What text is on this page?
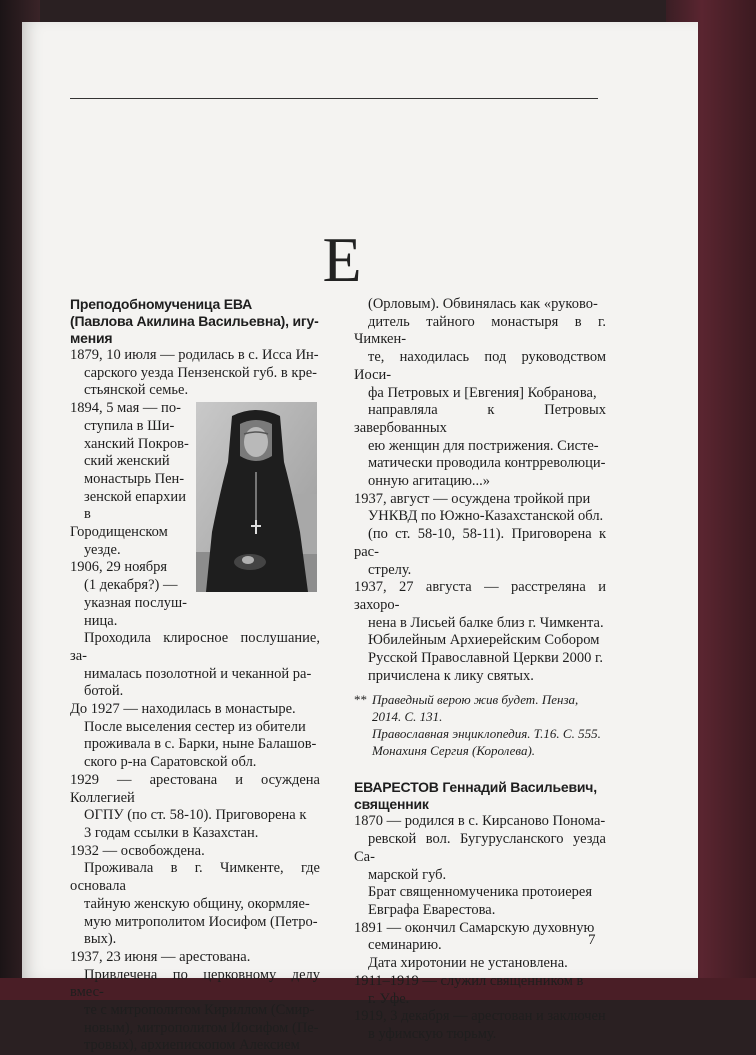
Е

Преподобномученица ЕВА

(Павлова Акилина Васильевна), игу-

мения

1879, 10 июля — родилась в с. Исса Ин-

сарского уезда Пензенской губ. в кре-

стьянской семье.

1894, 5 мая — по-

ступила в Ши-

ханский Покров-

ский женский

монастырь Пен-

зенской епархии

в Городищенском

уезде.

1906, 29 ноября

(1 декабря?) —

указная послуш-

ница.

Проходила клиросное послушание, за-

нималась позолотной и чеканной ра-

ботой.

До 1927 — находилась в монастыре.

После выселения сестер из обители

проживала в с. Барки, ныне Балашов-

ского р-на Саратовской обл.

1929 — арестована и осуждена Коллегией

ОГПУ (по ст. 58-10). Приговорена к

3 годам ссылки в Казахстан.

1932 — освобождена.

Проживала в г. Чимкенте, где основала

тайную женскую общину, окормляе-

мую митрополитом Иосифом (Петро-

вых).

1937, 23 июня — арестована.

Привлечена по церковному делу вмес-

те с митрополитом Кириллом (Смир-

новым), митрополитом Иосифом (Пе-

тровых), архиепископом Алексием

(Орловым). Обвинялась как «руково-

дитель тайного монастыря в г. Чимкен-

те, находилась под руководством Иоси-

фа Петровых и [Евгения] Кобранова,

направляла к Петровых завербованных

ею женщин для пострижения. Систе-

матически проводила контрреволюци-

онную агитацию...»

1937, август — осуждена тройкой при

УНКВД по Южно-Казахстанской обл.

(по ст. 58-10, 58-11). Приговорена к рас-

стрелу.

1937, 27 августа — расстреляна и захоро-

нена в Лисьей балке близ г. Чимкента.

Юбилейным Архиерейским Собором

Русской Православной Церкви 2000 г.

причислена к лику святых.

** Праведный верою жив будет. Пенза,
2014. С. 131.
Православная энциклопедия. Т.16. С. 555.
Монахиня Сергия (Королева).

ЕВАРЕСТОВ Геннадий Васильевич,

священник

1870 — родился в с. Кирсаново Понома-

ревской вол. Бугурусланского уезда Са-

марской губ.

Брат священномученика протоиерея

Евграфа Еварестова.

1891 — окончил Самарскую духовную

семинарию.

Дата хиротонии не установлена.

1911–1919 — служил священником в

г. Уфе.

1919, 3 декабря — арестован и заключен

в уфимскую тюрьму.

7
